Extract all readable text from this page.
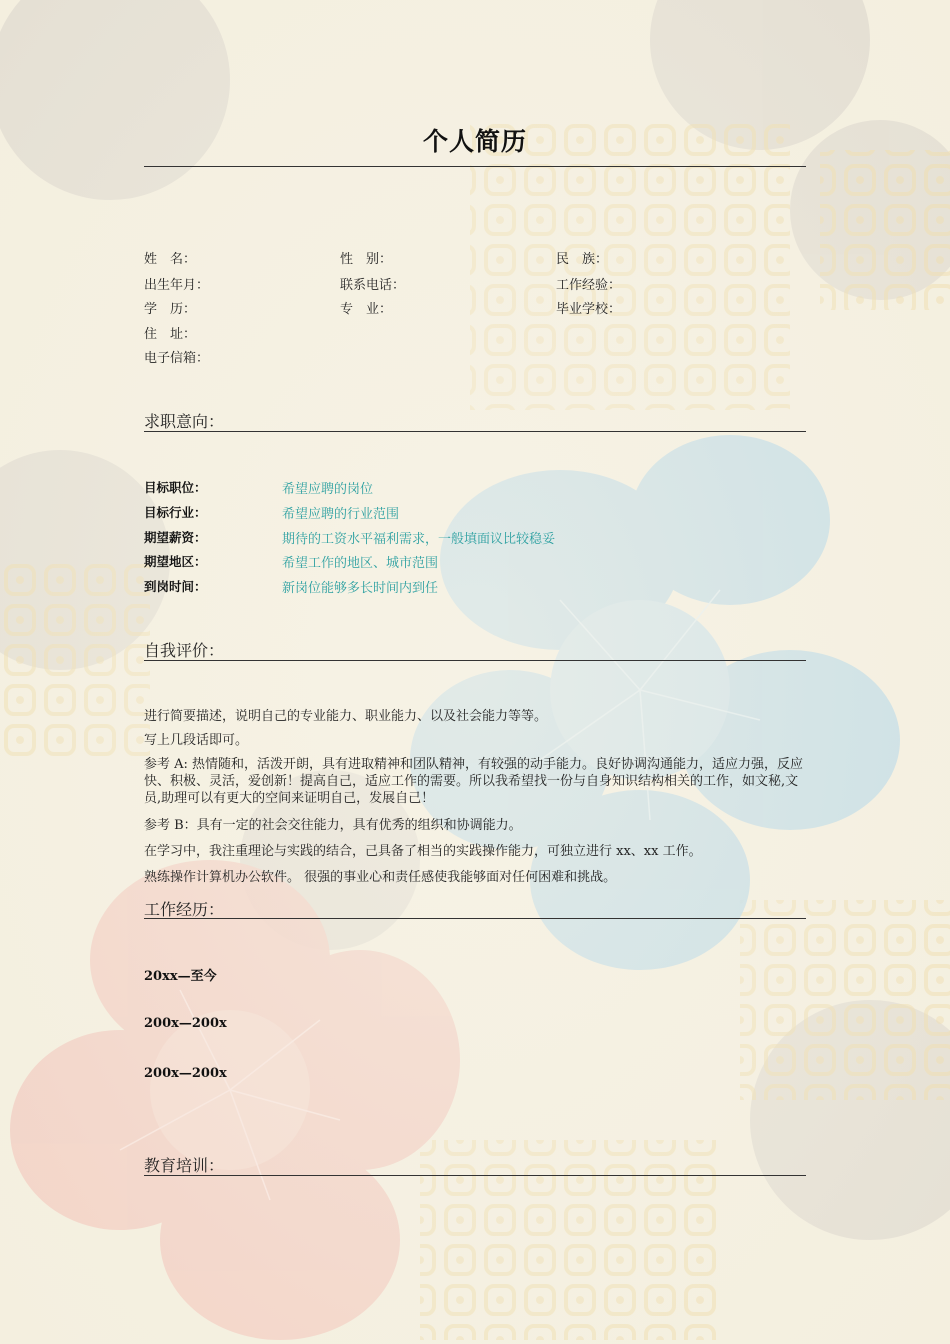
个人简历
姓　名：	性　别：	民　族：
出生年月：	联系电话：	工作经验：
学　历：	专　业：	毕业学校：
住　址：
电子信箱：
求职意向：
目标职位：	希望应聘的岗位
目标行业：	希望应聘的行业范围
期望薪资：	期待的工资水平福利需求，一般填面议比较稳妥
期望地区：	希望工作的地区、城市范围
到岗时间：	新岗位能够多长时间内到任
自我评价：
进行简要描述，说明自己的专业能力、职业能力、以及社会能力等等。
写上几段话即可。
参考 A: 热情随和，活泼开朗，具有进取精神和团队精神，有较强的动手能力。良好协调沟通能力，适应力强，反应快、积极、灵活，爱创新！提高自己，适应工作的需要。所以我希望找一份与自身知识结构相关的工作，如文秘,文员,助理可以有更大的空间来证明自己，发展自己！
参考 B：具有一定的社会交往能力，具有优秀的组织和协调能力。
在学习中，我注重理论与实践的结合，己具备了相当的实践操作能力，可独立进行 xx、xx 工作。
熟练操作计算机办公软件。 很强的事业心和责任感使我能够面对任何困难和挑战。
工作经历：
20xx—至今
200x—200x
200x—200x
教育培训：
